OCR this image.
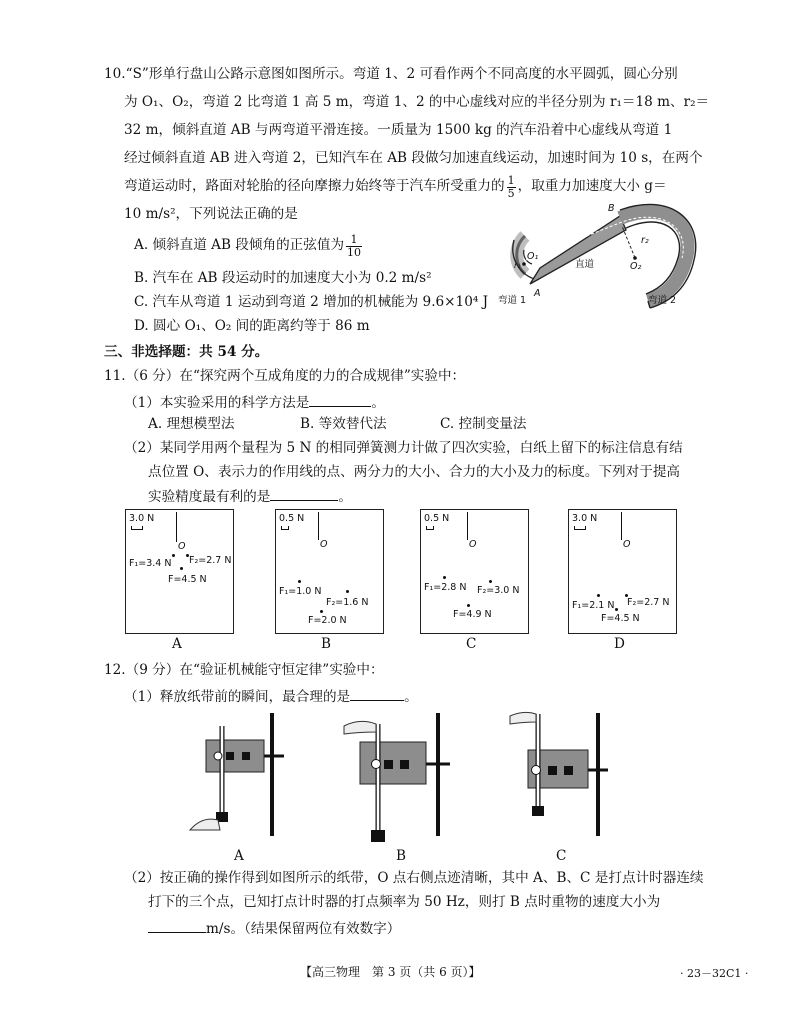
10.“S”形单行盘山公路示意图如图所示。弯道 1、2 可看作两个不同高度的水平圆弧，圆心分别
为 O₁、O₂，弯道 2 比弯道 1 高 5 m，弯道 1、2 的中心虚线对应的半径分别为 r₁＝18 m、r₂＝
32 m，倾斜直道 AB 与两弯道平滑连接。一质量为 1500 kg 的汽车沿着中心虚线从弯道 1
经过倾斜直道 AB 进入弯道 2，已知汽车在 AB 段做匀加速直线运动，加速时间为 10 s，在两个
弯道运动时，路面对轮胎的径向摩擦力始终等于汽车所受重力的 $\frac{1}{5}$ ，取重力加速度大小 g＝
10 m/s²，下列说法正确的是
A. 倾斜直道 AB 段倾角的正弦值为 $\frac{1}{10}$
B. 汽车在 AB 段运动时的加速度大小为 0.2 m/s²
C. 汽车从弯道 1 运动到弯道 2 增加的机械能为 9.6×10⁴ J
D. 圆心 O₁、O₂ 间的距离约等于 86 m
B
A
r₂
r₁
O₁
O₂
直道
弯道 1	弯道 2
三、非选择题：共 54 分。
11.（6 分）在“探究两个互成角度的力的合成规律”实验中：
（1）本实验采用的科学方法是	。
A. 理想模型法	B. 等效替代法	C. 控制变量法
（2）某同学用两个量程为 5 N 的相同弹簧测力计做了四次实验，白纸上留下的标注信息有结
点位置 O、表示力的作用线的点、两分力的大小、合力的大小及力的标度。下列对于提高
实验精度最有利的是	。
3.0 N
O
F₁=3.4 N F₂=2.7 N
F=4.5 N
A
0.5 N
O
F₁=1.0 N
F₂=1.6 N
F=2.0 N
B
0.5 N
O
F₁=2.8 N F₂=3.0 N
F=4.9 N
C
3.0 N
O
F₁=2.1 N F₂=2.7 N
F=4.5 N
D
12.（9 分）在“验证机械能守恒定律”实验中：
（1）释放纸带前的瞬间，最合理的是	。
A	B	C
（2）按正确的操作得到如图所示的纸带，O 点右侧点迹清晰，其中 A、B、C 是打点计时器连续
打下的三个点，已知打点计时器的打点频率为 50 Hz，则打 B 点时重物的速度大小为
m/s。（结果保留两位有效数字）
【高三物理　第 3 页（共 6 页）】	· 23－32C1 ·
